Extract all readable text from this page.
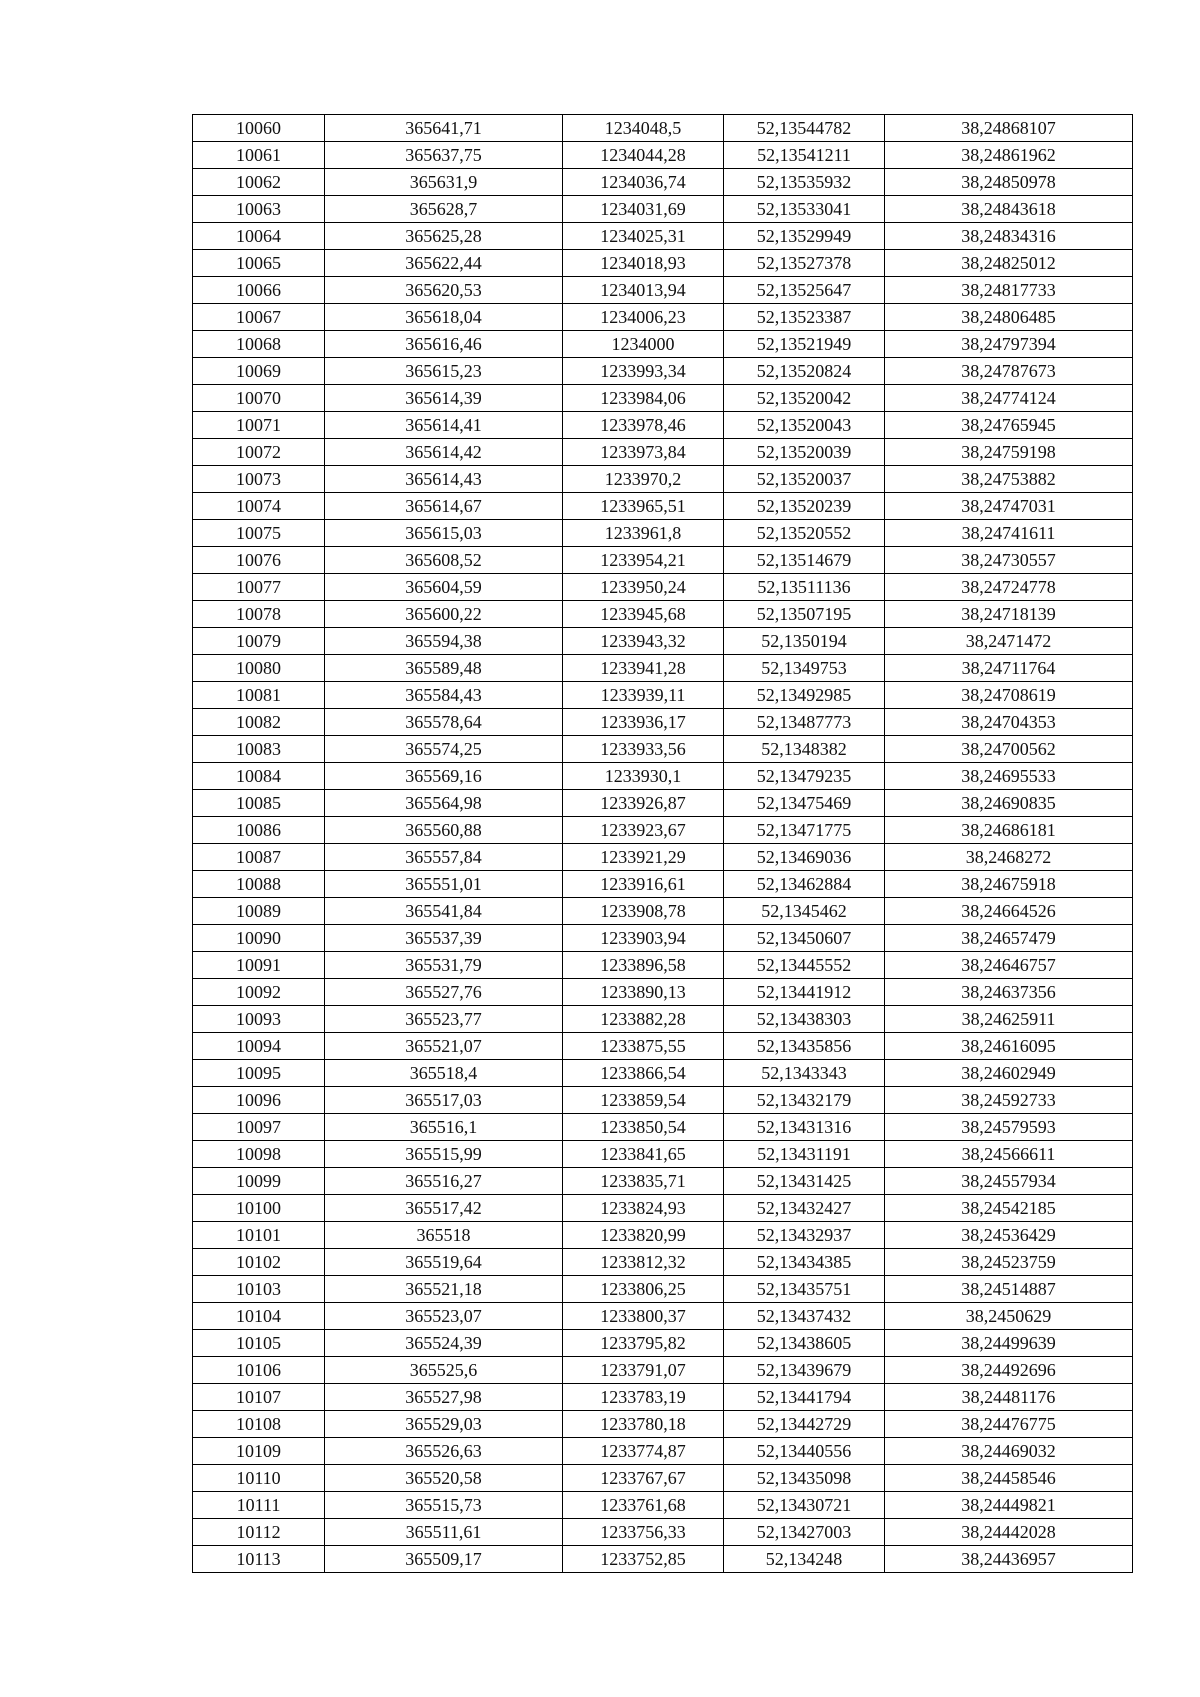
10060	365641,71	1234048,5	52,13544782	38,24868107
10061	365637,75	1234044,28	52,13541211	38,24861962
10062	365631,9	1234036,74	52,13535932	38,24850978
10063	365628,7	1234031,69	52,13533041	38,24843618
10064	365625,28	1234025,31	52,13529949	38,24834316
10065	365622,44	1234018,93	52,13527378	38,24825012
10066	365620,53	1234013,94	52,13525647	38,24817733
10067	365618,04	1234006,23	52,13523387	38,24806485
10068	365616,46	1234000	52,13521949	38,24797394
10069	365615,23	1233993,34	52,13520824	38,24787673
10070	365614,39	1233984,06	52,13520042	38,24774124
10071	365614,41	1233978,46	52,13520043	38,24765945
10072	365614,42	1233973,84	52,13520039	38,24759198
10073	365614,43	1233970,2	52,13520037	38,24753882
10074	365614,67	1233965,51	52,13520239	38,24747031
10075	365615,03	1233961,8	52,13520552	38,24741611
10076	365608,52	1233954,21	52,13514679	38,24730557
10077	365604,59	1233950,24	52,13511136	38,24724778
10078	365600,22	1233945,68	52,13507195	38,24718139
10079	365594,38	1233943,32	52,1350194	38,2471472
10080	365589,48	1233941,28	52,1349753	38,24711764
10081	365584,43	1233939,11	52,13492985	38,24708619
10082	365578,64	1233936,17	52,13487773	38,24704353
10083	365574,25	1233933,56	52,1348382	38,24700562
10084	365569,16	1233930,1	52,13479235	38,24695533
10085	365564,98	1233926,87	52,13475469	38,24690835
10086	365560,88	1233923,67	52,13471775	38,24686181
10087	365557,84	1233921,29	52,13469036	38,2468272
10088	365551,01	1233916,61	52,13462884	38,24675918
10089	365541,84	1233908,78	52,1345462	38,24664526
10090	365537,39	1233903,94	52,13450607	38,24657479
10091	365531,79	1233896,58	52,13445552	38,24646757
10092	365527,76	1233890,13	52,13441912	38,24637356
10093	365523,77	1233882,28	52,13438303	38,24625911
10094	365521,07	1233875,55	52,13435856	38,24616095
10095	365518,4	1233866,54	52,1343343	38,24602949
10096	365517,03	1233859,54	52,13432179	38,24592733
10097	365516,1	1233850,54	52,13431316	38,24579593
10098	365515,99	1233841,65	52,13431191	38,24566611
10099	365516,27	1233835,71	52,13431425	38,24557934
10100	365517,42	1233824,93	52,13432427	38,24542185
10101	365518	1233820,99	52,13432937	38,24536429
10102	365519,64	1233812,32	52,13434385	38,24523759
10103	365521,18	1233806,25	52,13435751	38,24514887
10104	365523,07	1233800,37	52,13437432	38,2450629
10105	365524,39	1233795,82	52,13438605	38,24499639
10106	365525,6	1233791,07	52,13439679	38,24492696
10107	365527,98	1233783,19	52,13441794	38,24481176
10108	365529,03	1233780,18	52,13442729	38,24476775
10109	365526,63	1233774,87	52,13440556	38,24469032
10110	365520,58	1233767,67	52,13435098	38,24458546
10111	365515,73	1233761,68	52,13430721	38,24449821
10112	365511,61	1233756,33	52,13427003	38,24442028
10113	365509,17	1233752,85	52,134248	38,24436957
